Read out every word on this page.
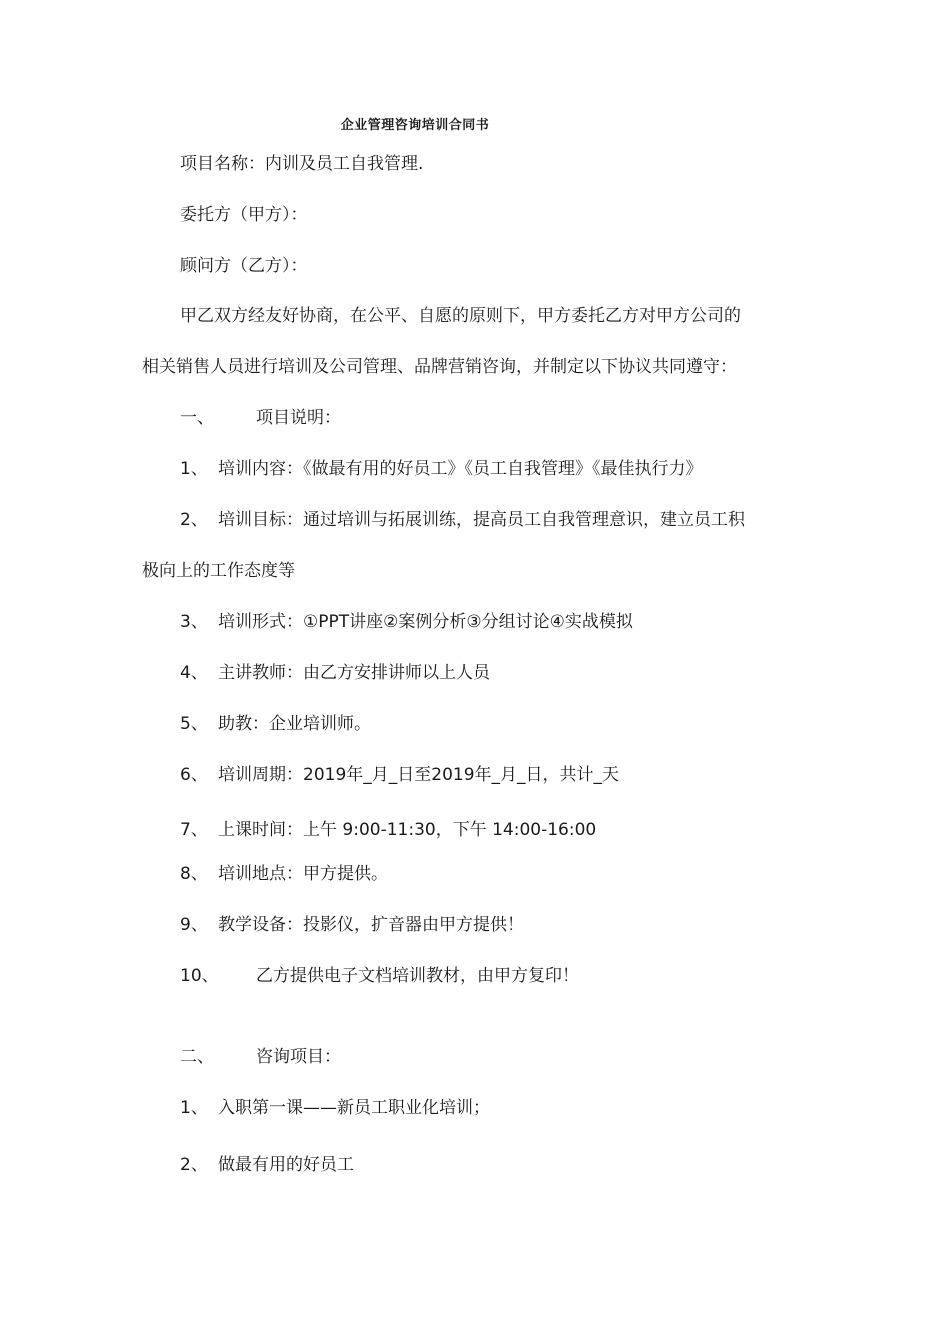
企业管理咨询培训合同书
项目名称：内训及员工自我管理.
委托方（甲方）：
顾问方（乙方）：
甲乙双方经友好协商，在公平、自愿的原则下，甲方委托乙方对甲方公司的
相关销售人员进行培训及公司管理、品牌营销咨询，并制定以下协议共同遵守：
一、 项目说明：
1、 培训内容：《做最有用的好员工》《员工自我管理》《最佳执行力》
2、 培训目标：通过培训与拓展训练，提高员工自我管理意识，建立员工积
极向上的工作态度等
3、 培训形式：①PPT讲座②案例分析③分组讨论④实战模拟
4、 主讲教师：由乙方安排讲师以上人员
5、 助教：企业培训师。
6、 培训周期：2019年_月_日至2019年_月_日，共计_天
7、 上课时间：上午 9:00-11:30，下午 14:00-16:00
8、 培训地点：甲方提供。
9、 教学设备：投影仪，扩音器由甲方提供！
10、 乙方提供电子文档培训教材，由甲方复印！
二、 咨询项目：
1、 入职第一课——新员工职业化培训；
2、 做最有用的好员工
